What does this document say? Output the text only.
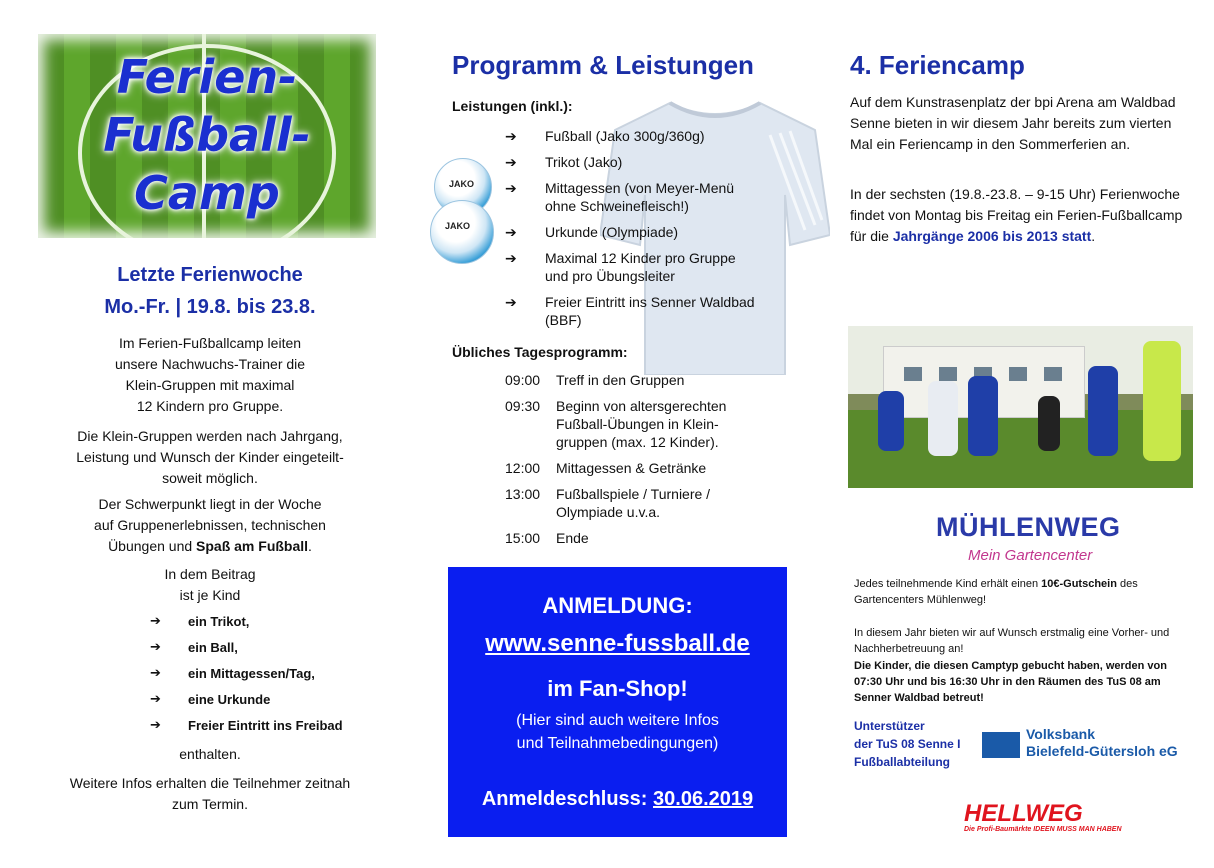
Ferien-
Fußball-
Camp
Letzte Ferienwoche
Mo.-Fr. | 19.8. bis 23.8.
Im Ferien-Fußballcamp leiten
unsere Nachwuchs-Trainer die
Klein-Gruppen mit maximal
12 Kindern pro Gruppe.
Die Klein-Gruppen werden nach Jahrgang,
Leistung und Wunsch der Kinder eingeteilt-
soweit möglich.
Der Schwerpunkt liegt in der Woche
auf Gruppenerlebnissen, technischen
Übungen und Spaß am Fußball.
In dem Beitrag
ist je Kind
➔	ein Trikot,
➔	ein Ball,
➔	ein Mittagessen/Tag,
➔	eine Urkunde
➔	Freier Eintritt ins Freibad
enthalten.
Weitere Infos erhalten die Teilnehmer zeitnah
zum Termin.
Programm & Leistungen
Leistungen (inkl.):
JAKO
JAKO
➔	Fußball (Jako 300g/360g)
➔	Trikot (Jako)
➔	Mittagessen (von Meyer-Menü
ohne Schweinefleisch!)
➔	Urkunde (Olympiade)
➔	Maximal 12 Kinder pro Gruppe
und pro Übungsleiter
➔	Freier Eintritt ins Senner Waldbad
(BBF)
Übliches Tagesprogramm:
09:00	Treff in den Gruppen
09:30	Beginn von altersgerechten
Fußball-Übungen in Klein-
gruppen (max. 12 Kinder).
12:00	Mittagessen & Getränke
13:00	Fußballspiele / Turniere /
Olympiade u.v.a.
15:00	Ende
ANMELDUNG:
www.senne-fussball.de
im Fan-Shop!
(Hier sind auch weitere Infos
und Teilnahmebedingungen)
Anmeldeschluss: 30.06.2019
4. Feriencamp
Auf dem Kunstrasenplatz der bpi Arena am Waldbad Senne bieten in wir diesem Jahr bereits zum vierten Mal ein Feriencamp in den Sommerferien an.
In der sechsten (19.8.-23.8. – 9-15 Uhr) Ferienwoche findet von Montag bis Freitag ein Ferien-Fußballcamp für die Jahrgänge 2006 bis 2013 statt.
MÜHLENWEG
Mein Gartencenter
Jedes teilnehmende Kind erhält einen 10€-Gutschein des Gartencenters Mühlenweg!
In diesem Jahr bieten wir auf Wunsch erstmalig eine Vorher- und Nachherbetreuung an!
Die Kinder, die diesen Camptyp gebucht haben, werden von 07:30 Uhr und bis 16:30 Uhr in den Räumen des TuS 08 am Senner Waldbad betreut!
Unterstützer
der TuS 08 Senne I
Fußballabteilung
Volksbank
Bielefeld-Gütersloh eG
HELLWEG
Die Profi-Baumärkte IDEEN MUSS MAN HABEN
